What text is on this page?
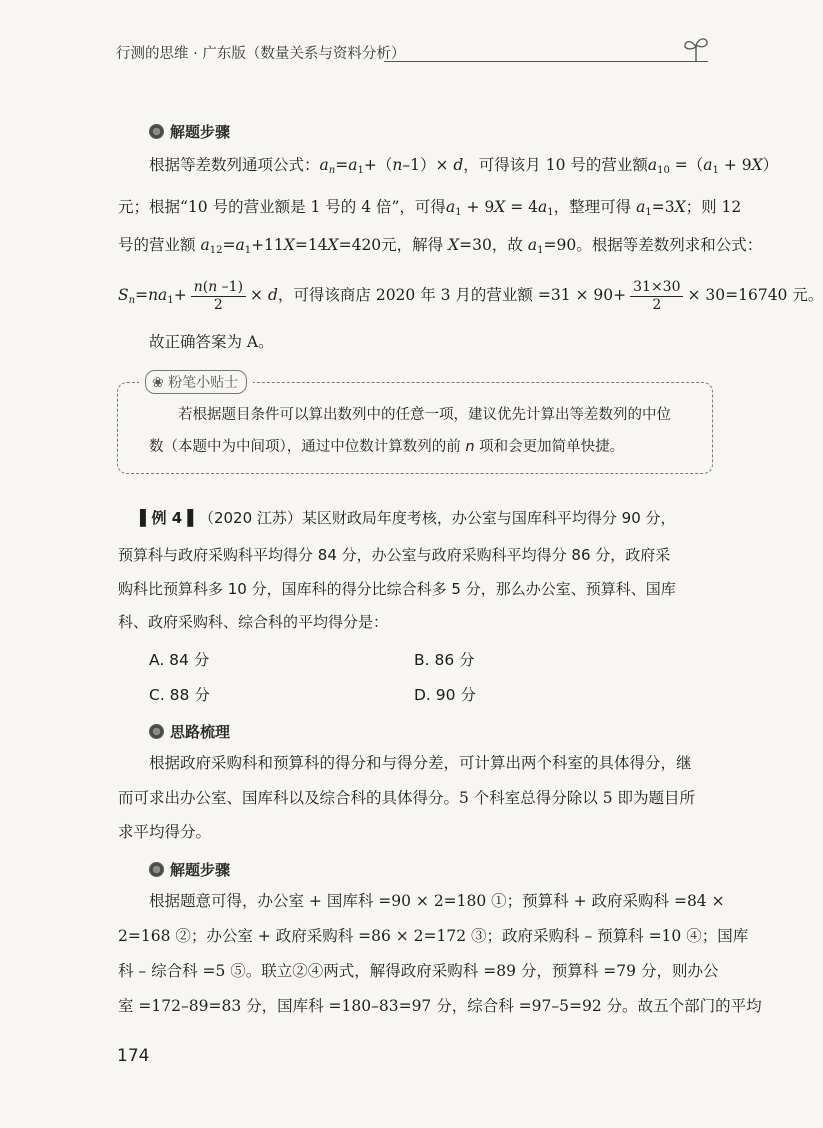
行测的思维 · 广东版（数量关系与资料分析）
解题步骤
根据等差数列通项公式：$a_n=a_1+(n-1)\times d$，可得该月 10 号的营业额$a_{10} =(a_1 + 9X)$
元；根据“10 号的营业额是 1 号的 4 倍”，可得$a_1 + 9X = 4a_1$，整理可得 $a_1=3X$；则 12
号的营业额 $a_{12}=a_1+11X=14X=420$元，解得 X=30，故 $a_1=90$。根据等差数列求和公式：
$S_n=na_1+ \frac{n(n -1)}{2} \times d$，可得该商店 2020 年 3 月的营业额 $=31 \times 90+ \frac{31\times 30}{2} \times 30=16740$ 元。
故正确答案为 A。
❀ 粉笔小贴士
若根据题目条件可以算出数列中的任意一项，建议优先计算出等差数列的中位
数（本题中为中间项），通过中位数计算数列的前 n 项和会更加简单快捷。
▌例 4 ▌（2020 江苏）某区财政局年度考核，办公室与国库科平均得分 90 分，
预算科与政府采购科平均得分 84 分，办公室与政府采购科平均得分 86 分，政府采
购科比预算科多 10 分，国库科的得分比综合科多 5 分，那么办公室、预算科、国库
科、政府采购科、综合科的平均得分是：
A. 84 分	B. 86 分
C. 88 分	D. 90 分
思路梳理
根据政府采购科和预算科的得分和与得分差，可计算出两个科室的具体得分，继
而可求出办公室、国库科以及综合科的具体得分。5 个科室总得分除以 5 即为题目所
求平均得分。
解题步骤
根据题意可得，办公室 + 国库科 =90 × 2=180 ①；预算科 + 政府采购科 =84 ×
2=168 ②；办公室 + 政府采购科 =86 × 2=172 ③；政府采购科 – 预算科 =10 ④；国库
科 – 综合科 =5 ⑤。联立②④两式，解得政府采购科 =89 分，预算科 =79 分，则办公
室 =172–89=83 分，国库科 =180–83=97 分，综合科 =97–5=92 分。故五个部门的平均
174
